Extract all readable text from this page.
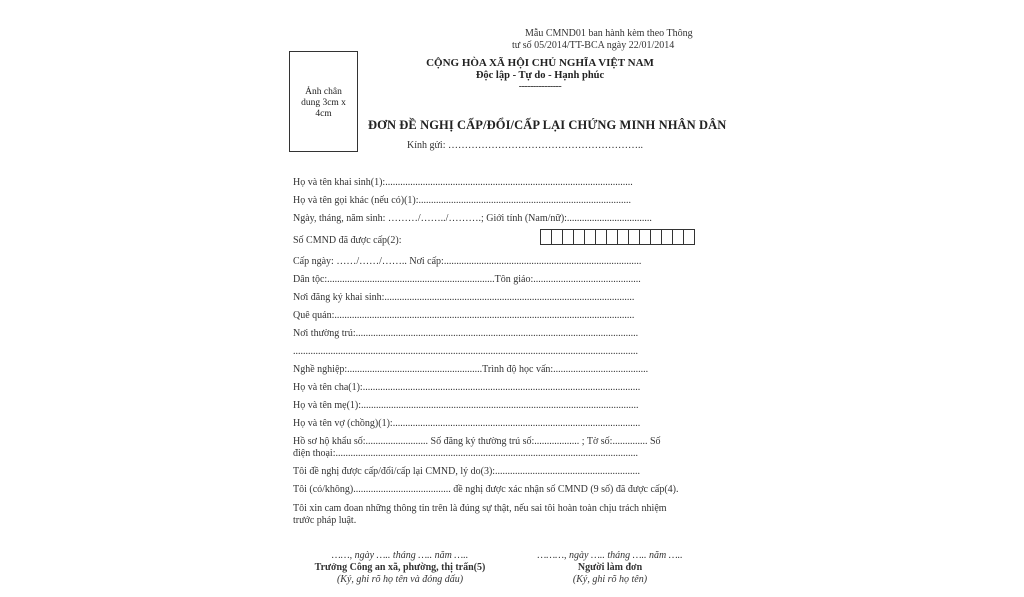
Mẫu CMND01 ban hành kèm theo Thông
tư số 05/2014/TT-BCA ngày 22/01/2014
CỘNG HÒA XÃ HỘI CHỦ NGHĨA VIỆT NAM
Độc lập - Tự do - Hạnh phúc
---------------
Ảnh chân
dung 3cm x
4cm
ĐƠN ĐỀ NGHỊ CẤP/ĐỔI/CẤP LẠI CHỨNG MINH NHÂN DÂN
Kính gửi: …………………………………………………..
Họ và tên khai sinh(1):...................................................................................................
Họ và tên gọi khác (nếu có)(1):.....................................................................................
Ngày, tháng, năm sinh: ………/……../……….; Giới tính (Nam/nữ):..................................
Số CMND đã được cấp(2):
Cấp ngày: ……/……/…….. Nơi cấp:...............................................................................
Dân tộc:...................................................................Tôn giáo:...........................................
Nơi đăng ký khai sinh:....................................................................................................
Quê quán:........................................................................................................................
Nơi thường trú:.................................................................................................................
..........................................................................................................................................
Nghề nghiệp:......................................................Trình độ học vấn:......................................
Họ và tên cha(1):...............................................................................................................
Họ và tên mẹ(1):...............................................................................................................
Họ và tên vợ (chồng)(1):...................................................................................................
Hồ sơ hộ khẩu số:......................... Số đăng ký thường trú số:.................. ; Tờ số:.............. Số
điện thoại:.........................................................................................................................
Tôi đề nghị được cấp/đổi/cấp lại CMND, lý do(3):..........................................................
Tôi (có/không)....................................... đề nghị được xác nhận số CMND (9 số) đã được cấp(4).
Tôi xin cam đoan những thông tin trên là đúng sự thật, nếu sai tôi hoàn toàn chịu trách nhiệm
trước pháp luật.
……, ngày ….. tháng ….. năm …..
Trưởng Công an xã, phường, thị trấn(5)
(Ký, ghi rõ họ tên và đóng dấu)
………, ngày ….. tháng ….. năm …..
Người làm đơn
(Ký, ghi rõ họ tên)
